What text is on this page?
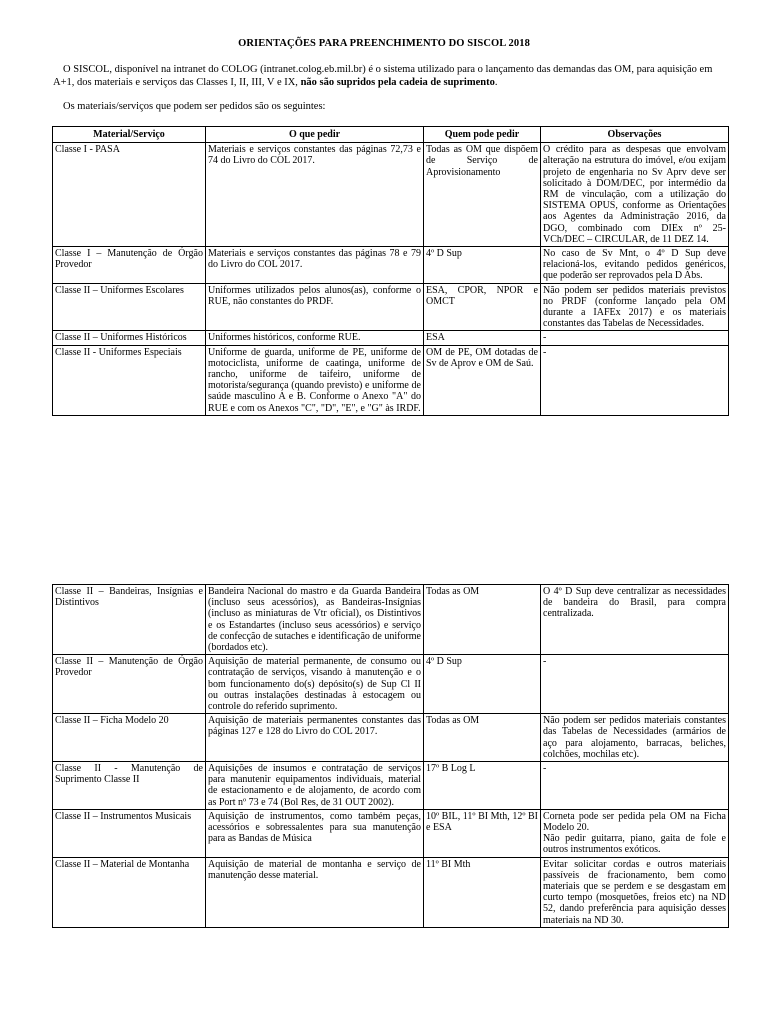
ORIENTAÇÕES PARA PREENCHIMENTO DO SISCOL 2018
O SISCOL, disponível na intranet do COLOG (intranet.colog.eb.mil.br) é o sistema utilizado para o lançamento das demandas das OM, para aquisição em A+1, dos materiais e serviços das Classes I, II, III, V e IX, não são supridos pela cadeia de suprimento.
Os materiais/serviços que podem ser pedidos são os seguintes:
Material/Serviço	O que pedir	Quem pode pedir	Observações
Classe I - PASA	Materiais e serviços constantes das páginas 72,73 e 74 do Livro do COL 2017.	Todas as OM que dispõem de Serviço de Aprovisionamento	O crédito para as despesas que envolvam alteração na estrutura do imóvel, e/ou exijam projeto de engenharia no Sv Aprv deve ser solicitado à DOM/DEC, por intermédio da RM de vinculação, com a utilização do SISTEMA OPUS, conforme as Orientações aos Agentes da Administração 2016, da DGO, combinado com DIEx nº 25-VCh/DEC – CIRCULAR, de 11 DEZ 14.
Classe I – Manutenção de Órgão Provedor	Materiais e serviços constantes das páginas 78 e 79 do Livro do COL 2017.	4º D Sup	No caso de Sv Mnt, o 4º D Sup deve relacioná-los, evitando pedidos genéricos, que poderão ser reprovados pela D Abs.
Classe II – Uniformes Escolares	Uniformes utilizados pelos alunos(as), conforme o RUE, não constantes do PRDF.	ESA, CPOR, NPOR e OMCT	Não podem ser pedidos materiais previstos no PRDF (conforme lançado pela OM durante a IAFEx 2017) e os materiais constantes das Tabelas de Necessidades.
Classe II – Uniformes Históricos	Uniformes históricos, conforme RUE.	ESA	-
Classe II - Uniformes Especiais	Uniforme de guarda, uniforme de PE, uniforme de motociclista, uniforme de caatinga, uniforme de rancho, uniforme de taifeiro, uniforme de motorista/segurança (quando previsto) e uniforme de saúde masculino A e B. Conforme o Anexo "A" do RUE e com os Anexos "C", "D", "E", e "G" às IRDF.	OM de PE, OM dotadas de Sv de Aprov e OM de Saú.	-
Classe II – Bandeiras, Insígnias e Distintivos	Bandeira Nacional do mastro e da Guarda Bandeira (incluso seus acessórios), as Bandeiras-Insígnias (incluso as miniaturas de Vtr oficial), os Distintivos e os Estandartes (incluso seus acessórios) e serviço de confecção de sutaches e identificação de uniforme (bordados etc).	Todas as OM	O 4º D Sup deve centralizar as necessidades de bandeira do Brasil, para compra centralizada.
Classe II – Manutenção de Órgão Provedor	Aquisição de material permanente, de consumo ou contratação de serviços, visando à manutenção e o bom funcionamento do(s) depósito(s) de Sup Cl II ou outras instalações destinadas à estocagem ou controle do referido suprimento.	4º D Sup	-
Classe II – Ficha Modelo 20	Aquisição de materiais permanentes constantes das páginas 127 e 128 do Livro do COL 2017.	Todas as OM	Não podem ser pedidos materiais constantes das Tabelas de Necessidades (armários de aço para alojamento, barracas, beliches, colchões, mochilas etc).
Classe II - Manutenção de Suprimento Classe II	Aquisições de insumos e contratação de serviços para manutenir equipamentos individuais, material de estacionamento e de alojamento, de acordo com as Port nº 73 e 74 (Bol Res, de 31 OUT 2002).	17º B Log L	-
Classe II – Instrumentos Musicais	Aquisição de instrumentos, como também peças, acessórios e sobressalentes para sua manutenção para as Bandas de Música	10º BIL, 11º BI Mth, 12º BI e ESA	Corneta pode ser pedida pela OM na Ficha Modelo 20.
Não pedir guitarra, piano, gaita de fole e outros instrumentos exóticos.
Classe II – Material de Montanha	Aquisição de material de montanha e serviço de manutenção desse material.	11º BI Mth	Evitar solicitar cordas e outros materiais passíveis de fracionamento, bem como materiais que se perdem e se desgastam em curto tempo (mosquetões, freios etc) na ND 52, dando preferência para aquisição desses materiais na ND 30.
